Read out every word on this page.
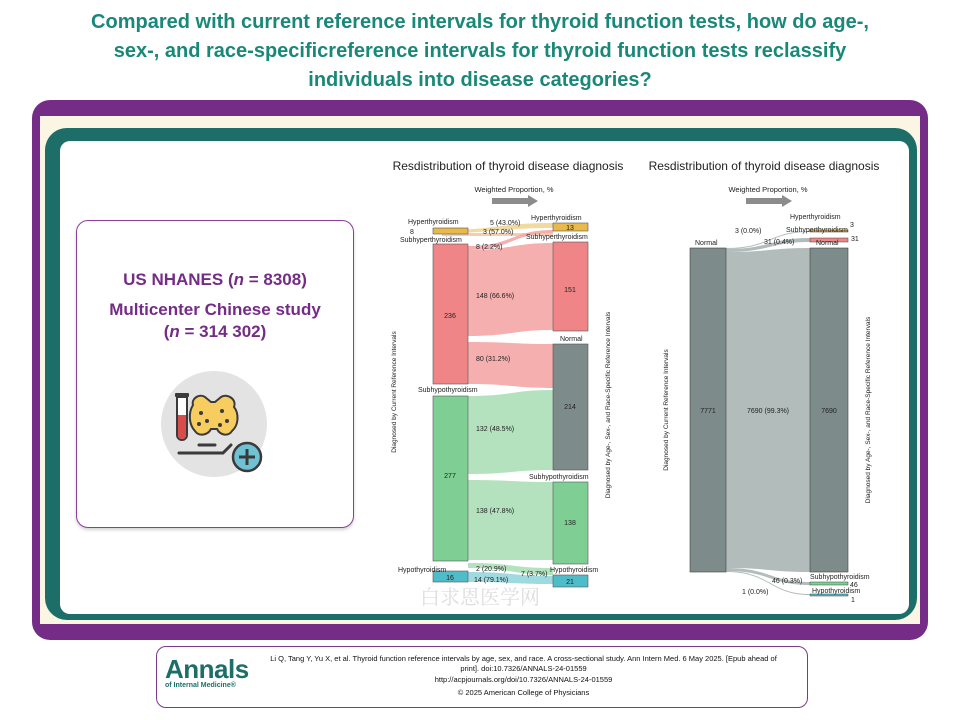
Compared with current reference intervals for thyroid function tests, how do age-,
sex-, and race-specificreference intervals for thyroid function tests reclassify
individuals into disease categories?
US NHANES (n = 8308)
Multicenter Chinese study
(n = 314 302)
Resdistribution of thyroid disease diagnosis
Weighted Proportion, %
Hyperthyroidism
8
Subhyperthyroidism
236
Subhypothyroidism
277
Hypothyroidism
16
Hyperthyroidism
13
Subhyperthyroidism
151
Normal
214
Subhypothyroidism
138
Hypothyroidism
21
5 (43.0%)
3 (57.0%)
8 (2.2%)
148 (66.6%)
80 (31.2%)
132 (48.5%)
138 (47.8%)
2 (20.9%)
14 (79.1%)
7 (3.7%)
Diagnosed by Current Reference Intervals	Diagnosed by Age-, Sex-, and Race-Specific Reference Intervals
白求恩医学网
Resdistribution of thyroid disease diagnosis
Weighted Proportion, %
Normal
7771
Hyperthyroidism
3
Subhyperthyroidism
31
Normal
7690
Subhypothyroidism
46
Hypothyroidism
1
3 (0.0%)
31 (0.4%)
7690 (99.3%)
46 (0.3%)
1 (0.0%)
Diagnosed by Current Reference Intervals	Diagnosed by Age-, Sex-, and Race-Specific Reference Intervals
Annals
of Internal Medicine®
Li Q, Tang Y, Yu X, et al. Thyroid function reference intervals by age, sex, and race. A cross-sectional study. Ann Intern Med. 6 May 2025. [Epub ahead of
print]. doi:10.7326/ANNALS-24-01559
http://acpjournals.org/doi/10.7326/ANNALS-24-01559
© 2025 American College of Physicians
